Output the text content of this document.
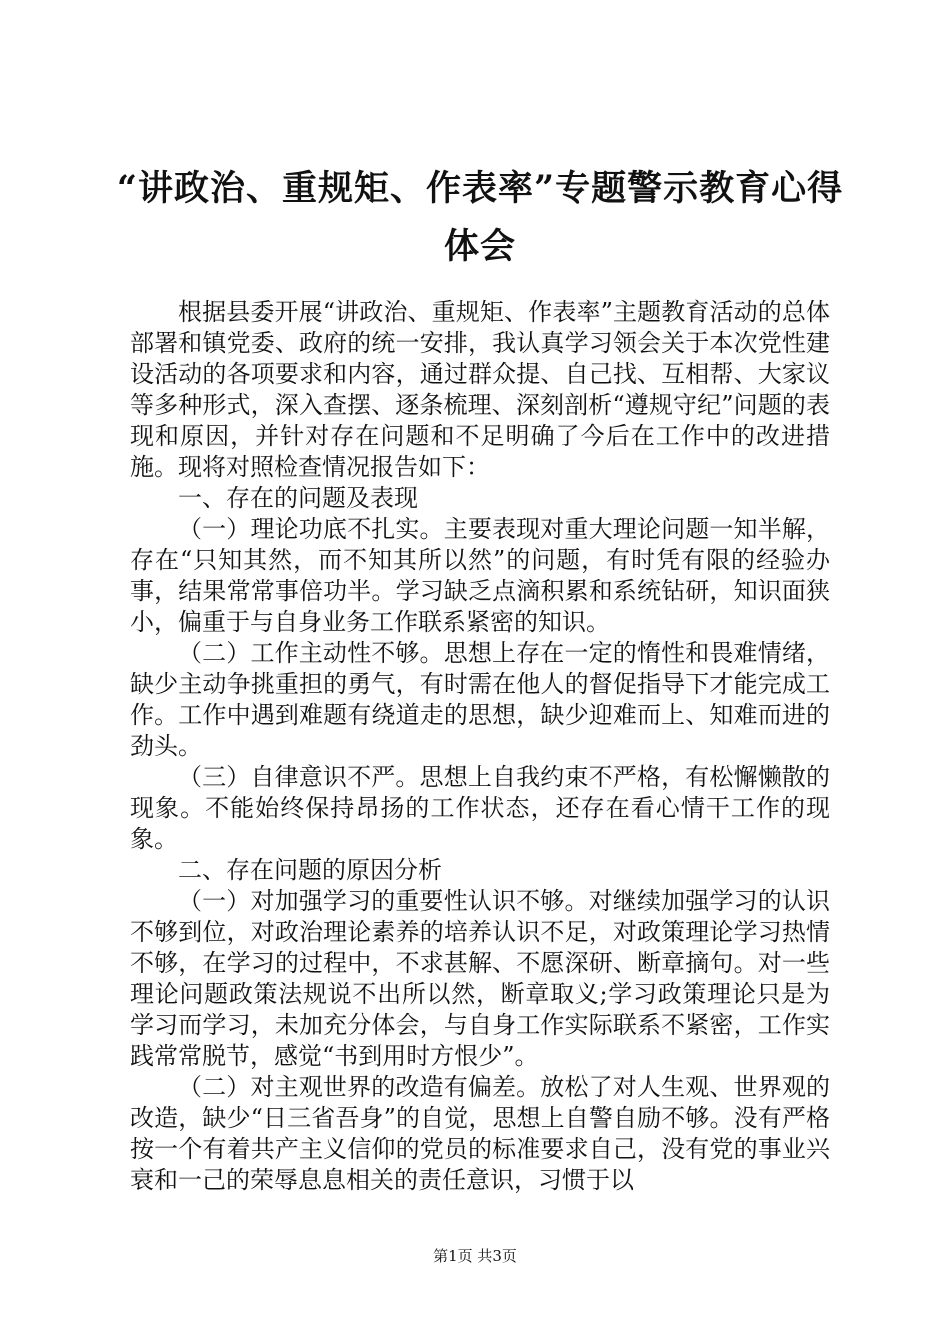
“讲政治、重规矩、作表率”专题警示教育心得体会

根据县委开展“讲政治、重规矩、作表率”主题教育活动的总体部署和镇党委、政府的统一安排，我认真学习领会关于本次党性建设活动的各项要求和内容，通过群众提、自己找、互相帮、大家议等多种形式，深入查摆、逐条梳理、深刻剖析“遵规守纪”问题的表现和原因，并针对存在问题和不足明确了今后在工作中的改进措施。现将对照检查情况报告如下：

一、存在的问题及表现

（一）理论功底不扎实。主要表现对重大理论问题一知半解，存在“只知其然，而不知其所以然”的问题，有时凭有限的经验办事，结果常常事倍功半。学习缺乏点滴积累和系统钻研，知识面狭小，偏重于与自身业务工作联系紧密的知识。

（二）工作主动性不够。思想上存在一定的惰性和畏难情绪，缺少主动争挑重担的勇气，有时需在他人的督促指导下才能完成工作。工作中遇到难题有绕道走的思想，缺少迎难而上、知难而进的劲头。

（三）自律意识不严。思想上自我约束不严格，有松懈懒散的现象。不能始终保持昂扬的工作状态，还存在看心情干工作的现象。

二、存在问题的原因分析

（一）对加强学习的重要性认识不够。对继续加强学习的认识不够到位，对政治理论素养的培养认识不足，对政策理论学习热情不够，在学习的过程中，不求甚解、不愿深研、断章摘句。对一些理论问题政策法规说不出所以然，断章取义;学习政策理论只是为学习而学习，未加充分体会，与自身工作实际联系不紧密，工作实践常常脱节，感觉“书到用时方恨少”。

（二）对主观世界的改造有偏差。放松了对人生观、世界观的改造，缺少“日三省吾身”的自觉，思想上自警自励不够。没有严格按一个有着共产主义信仰的党员的标准要求自己，没有党的事业兴衰和一己的荣辱息息相关的责任意识，习惯于以

第1页 共3页
